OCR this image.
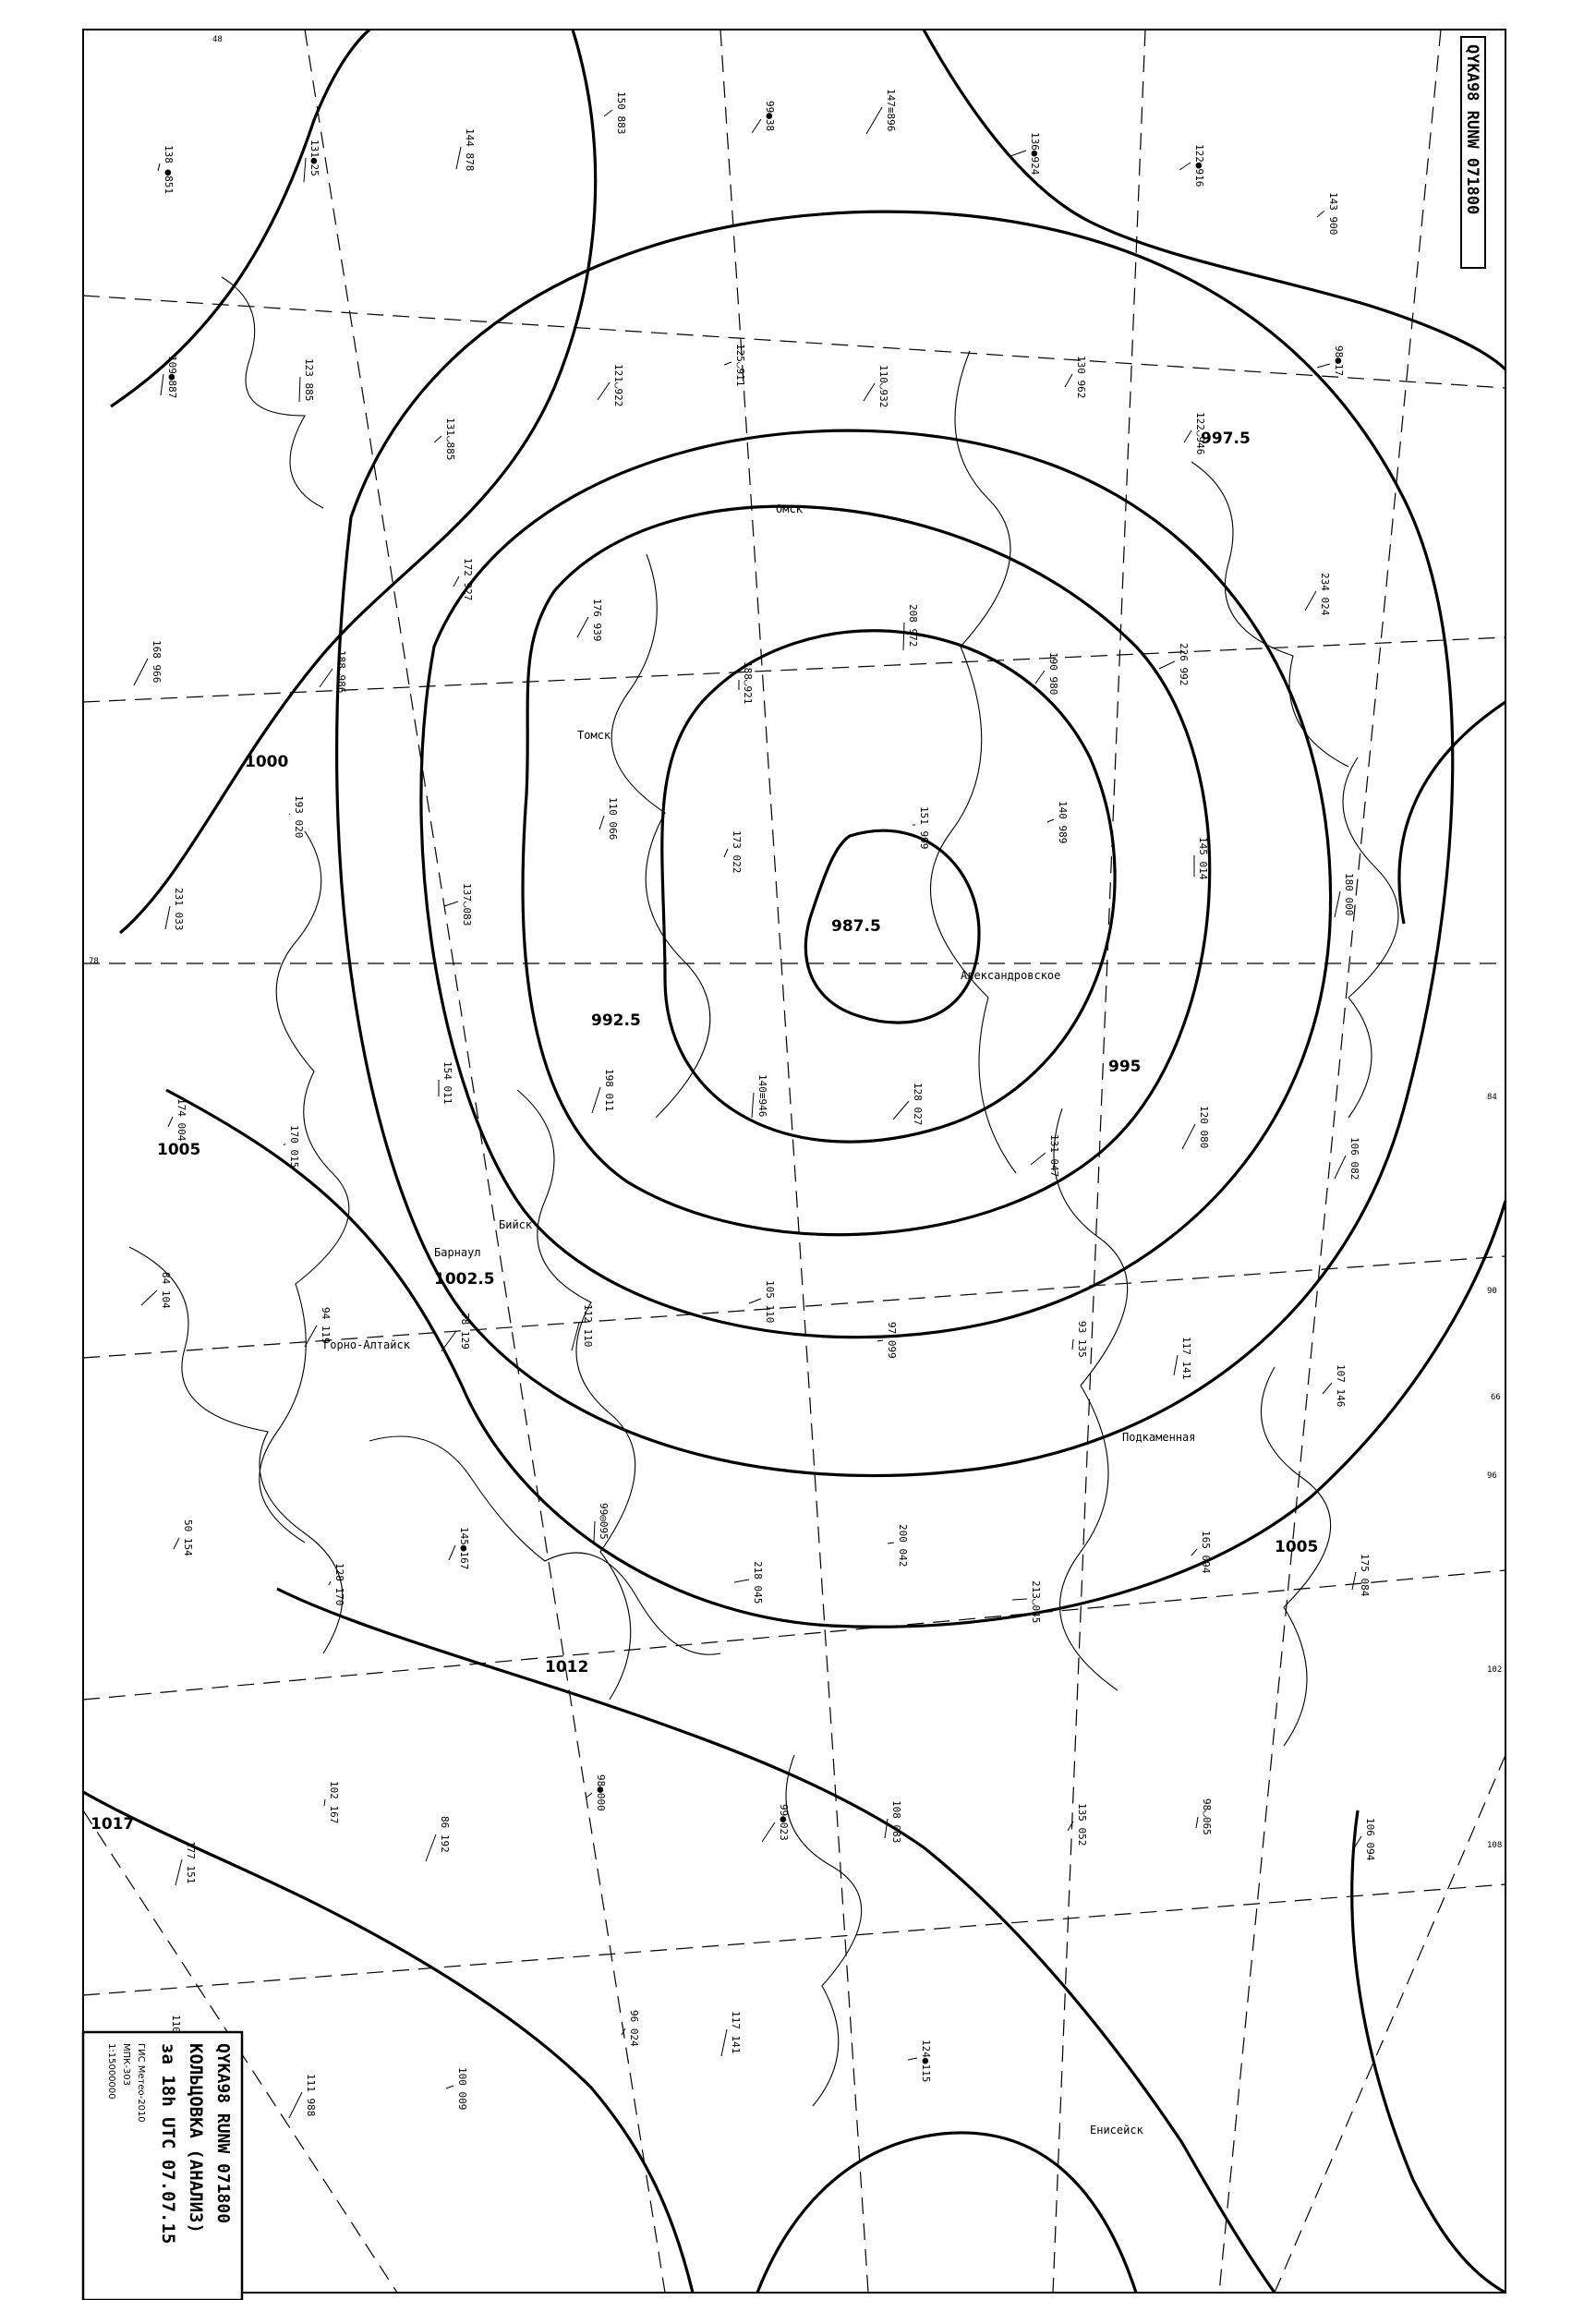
987.5
992.5
995
997.5
1000
1002.5
1005
1005
1012
1017
Омск
Томск
Александровское
Барнаул
Горно-Алтайск
Подкаменная
Енисейск
Бийск
66
78
84
90
96
102
108
48
138 ●851	131●25	144 878
150 883	99●38	147≡896
136●924	122●916
143 900
109●887	123 885
131◡885
121◡922	125◡911	110◡932	130 962
122◡946
98●17
168 966	188◡986
172 927
176 939
188◡921
208 972
190 980	226 992
234 024
231 033
193 020
137◡083
110 066
173 022
151 999	140 989
145 014
180 000
174 004
170 015
154 011	198 011	140≡946	128 027
131 047
120 080
106 082
84 104
94 119	78 129	112 110
105 110
97 099	93 135	117 141
107 146
50 154
128 170
145●167
99◎095
218 045
200 042
213◡045
165 094
175 084
177 151
102 167
86 192
98●000
99●023	108 083	135 052	98◡065
106 094
111 988	100 009
96 024	117 141
124●115
QYKA98 RUNW 071800
QYKA98 RUNW 071800
КОЛЬЦОВКА (АНАЛИЗ)
за 18h UTC 07.07.15
ГИС Метео-2010
МПК-303
1:15000000
